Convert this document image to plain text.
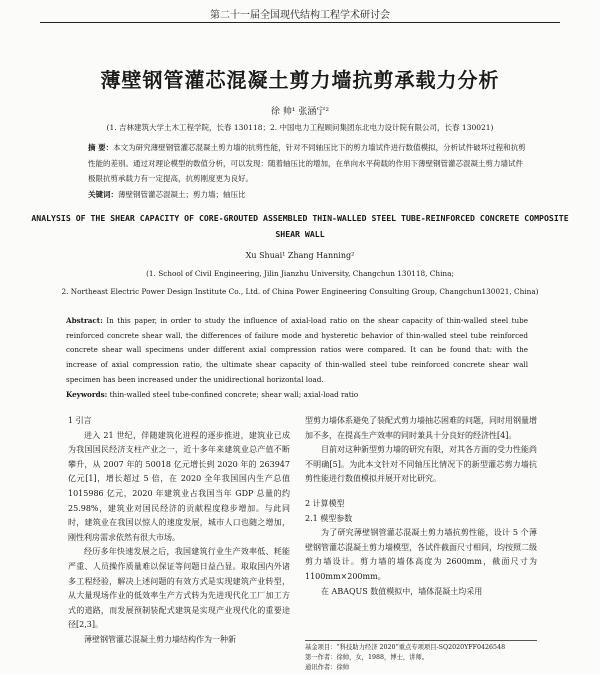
第二十一届全国现代结构工程学术研讨会
薄壁钢管灌芯混凝土剪力墙抗剪承载力分析
徐 帅¹ 张涵宁²
(1. 吉林建筑大学土木工程学院，长春 130118；2. 中国电力工程顾问集团东北电力设计院有限公司，长春 130021)
摘 要：本文为研究薄壁钢管灌芯混凝土剪力墙的抗剪性能，针对不同轴压比下的剪力墙试件进行数值模拟，分析试件破坏过程和抗剪性能的差别。通过对理论模型的数值分析，可以发现：随着轴压比的增加，在单向水平荷载的作用下薄壁钢管灌芯混凝土剪力墙试件极限抗剪承载力有一定提高，抗剪刚度更为良好。
关键词：薄壁钢管灌芯混凝土；剪力墙；轴压比
ANALYSIS OF THE SHEAR CAPACITY OF CORE-GROUTED ASSEMBLED THIN-WALLED STEEL TUBE-REINFORCED CONCRETE COMPOSITE SHEAR WALL
Xu Shuai¹ Zhang Hanning²
(1. School of Civil Engineering, Jilin Jianzhu University, Changchun 130118, China;
2. Northeast Electric Power Design Institute Co., Ltd. of China Power Engineering Consulting Group, Changchun130021, China)
Abstract: In this paper, in order to study the influence of axial-load ratio on the shear capacity of thin-walled steel tube reinforced concrete shear wall, the differences of failure mode and hysteretic behavior of thin-walled steel tube reinforced concrete shear wall specimens under different axial compression ratios were compared. It can be found that: with the increase of axial compression ratio, the ultimate shear capacity of thin-walled steel tube reinforced concrete shear wall specimen has been increased under the unidirectional horizontal load.
Keywords: thin-walled steel tube-confined concrete; shear wall; axial-load ratio

1 引言

进入 21 世纪，伴随建筑化进程的逐步推进，建筑业已成为我国国民经济支柱产业之一，近十多年来建筑业总产值不断攀升，从 2007 年的 50018 亿元增长到 2020 年的 263947 亿元[1]，增长超过 5 倍，在 2020 全年我国国内生产总值 1015986 亿元，2020 年建筑业占我国当年 GDP 总量的约 25.98%，建筑业对国民经济的贡献程度稳步增加。与此同时，建筑业在我国以惊人的速度发展，城市人口也随之增加，刚性利房需求依然有很大市场。

经历多年快速发展之后，我国建筑行业生产效率低、耗能严重、人员操作质量难以保证等问题日益凸显。取取国内外诸多工程经验，解决上述问题的有效方式是实现建筑产业转型，从大量现场作业的低效率生产方式转为先进现代化工厂加工方式的道路，而发展预制装配式建筑是实现产业现代化的重要途径[2,3]。

薄壁钢管灌芯混凝土剪力墙结构作为一种新

型剪力墙体系避免了装配式剪力墙抽芯困难的问题，同时用钢量增加不多，在提高生产效率的同时兼具十分良好的经济性[4]。

目前对这种新型剪力墙的研究有限，对其各方面的受力性能尚不明确[5]。为此本文针对不同轴压比情况下的新型灌芯剪力墙抗剪性能进行数值模拟并展开对比研究。

2 计算模型

2.1 模型参数

为了研究薄壁钢管灌芯混凝土剪力墙抗剪性能，设计 5 个薄壁钢管灌芯混凝土剪力墙模型，各试件截面尺寸相同，均按照二级剪力墙设计。剪力墙的墙体高度为 2600mm，截面尺寸为 1100mm×200mm。

在 ABAQUS 数值模拟中，墙体混凝土均采用

基金项目：“科技助力经济 2020”重点专项项目-SQ2020YFF0426548
第一作者：徐帅，女，1988，博士，讲师。
通讯作者：徐帅
